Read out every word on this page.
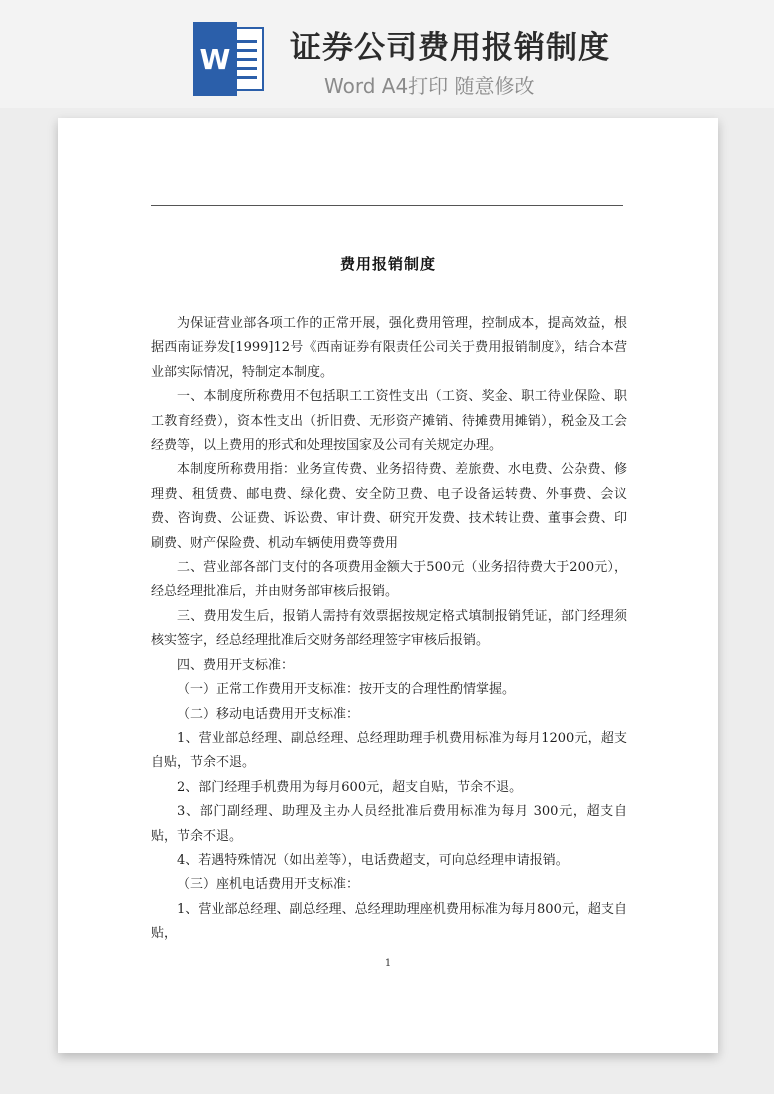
W 证券公司费用报销制度
Word A4打印 随意修改
费用报销制度

为保证营业部各项工作的正常开展，强化费用管理，控制成本，提高效益，根据西南证券发[1999]12号《西南证券有限责任公司关于费用报销制度》，结合本营业部实际情况，特制定本制度。

一、本制度所称费用不包括职工工资性支出（工资、奖金、职工待业保险、职工教育经费），资本性支出（折旧费、无形资产摊销、待摊费用摊销），税金及工会经费等，以上费用的形式和处理按国家及公司有关规定办理。

本制度所称费用指：业务宣传费、业务招待费、差旅费、水电费、公杂费、修理费、租赁费、邮电费、绿化费、安全防卫费、电子设备运转费、外事费、会议费、咨询费、公证费、诉讼费、审计费、研究开发费、技术转让费、董事会费、印刷费、财产保险费、机动车辆使用费等费用

二、营业部各部门支付的各项费用金额大于500元（业务招待费大于200元），经总经理批准后，并由财务部审核后报销。

三、费用发生后，报销人需持有效票据按规定格式填制报销凭证，部门经理须核实签字，经总经理批准后交财务部经理签字审核后报销。

四、费用开支标准：

（一）正常工作费用开支标准：按开支的合理性酌情掌握。

（二）移动电话费用开支标准：

1、营业部总经理、副总经理、总经理助理手机费用标准为每月1200元，超支自贴，节余不退。

2、部门经理手机费用为每月600元，超支自贴，节余不退。

3、部门副经理、助理及主办人员经批准后费用标准为每月 300元，超支自贴，节余不退。

4、若遇特殊情况（如出差等），电话费超支，可向总经理申请报销。

（三）座机电话费用开支标准：

1、营业部总经理、副总经理、总经理助理座机费用标准为每月800元，超支自贴，

1
